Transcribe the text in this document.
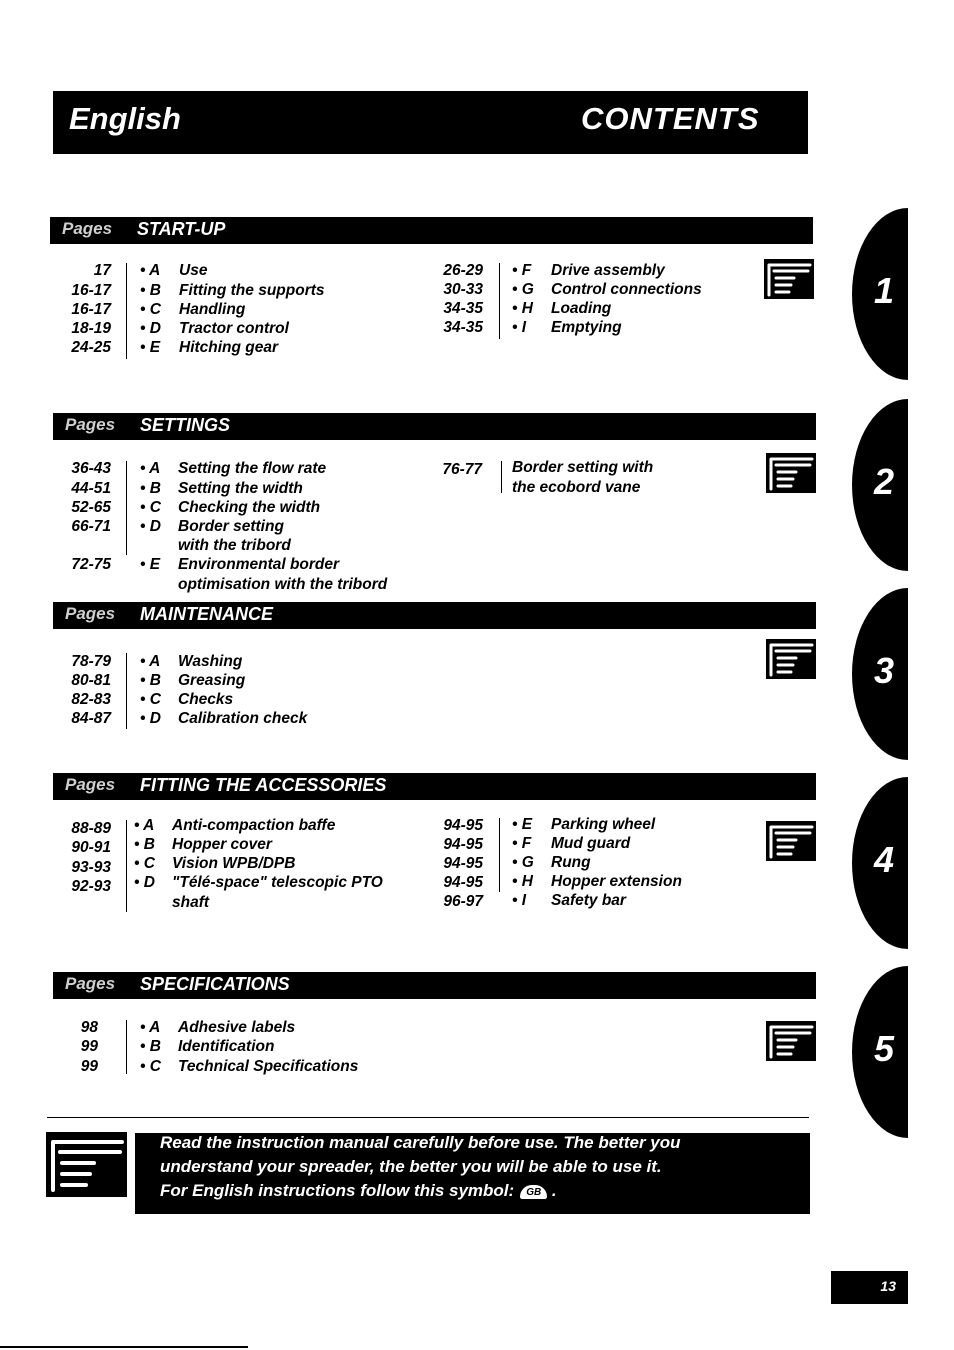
English	CONTENTS
Pages START-UP
17 • A Use
16-17 • B Fitting the supports
16-17 • C Handling
18-19 • D Tractor control
24-25 • E Hitching gear
26-29 • F Drive assembly
30-33 • G Control connections
34-35 • H Loading
34-35 • I Emptying
Pages SETTINGS
36-43 • A Setting the flow rate
44-51 • B Setting the width
52-65 • C Checking the width
66-71 • D Border setting
with the tribord
72-75 • E Environmental border
optimisation with the tribord
76-77 Border setting with
the ecobord vane
Pages MAINTENANCE
78-79 • A Washing
80-81 • B Greasing
82-83 • C Checks
84-87 • D Calibration check
Pages FITTING THE ACCESSORIES
88-89 • A Anti-compaction baffe
90-91 • B Hopper cover
93-93 • C Vision WPB/DPB
92-93 • D "Télé-space" telescopic PTO
shaft
94-95 • E Parking wheel
94-95 • F Mud guard
94-95 • G Rung
94-95 • H Hopper extension
96-97 • I Safety bar
Pages SPECIFICATIONS
98	• A Adhesive labels
99	• B Identification
99	• C Technical Specifications
1
2
3
4
5
Read the instruction manual carefully before use. The better you
understand your spreader, the better you will be able to use it.
For English instructions follow this symbol: GB .
13
